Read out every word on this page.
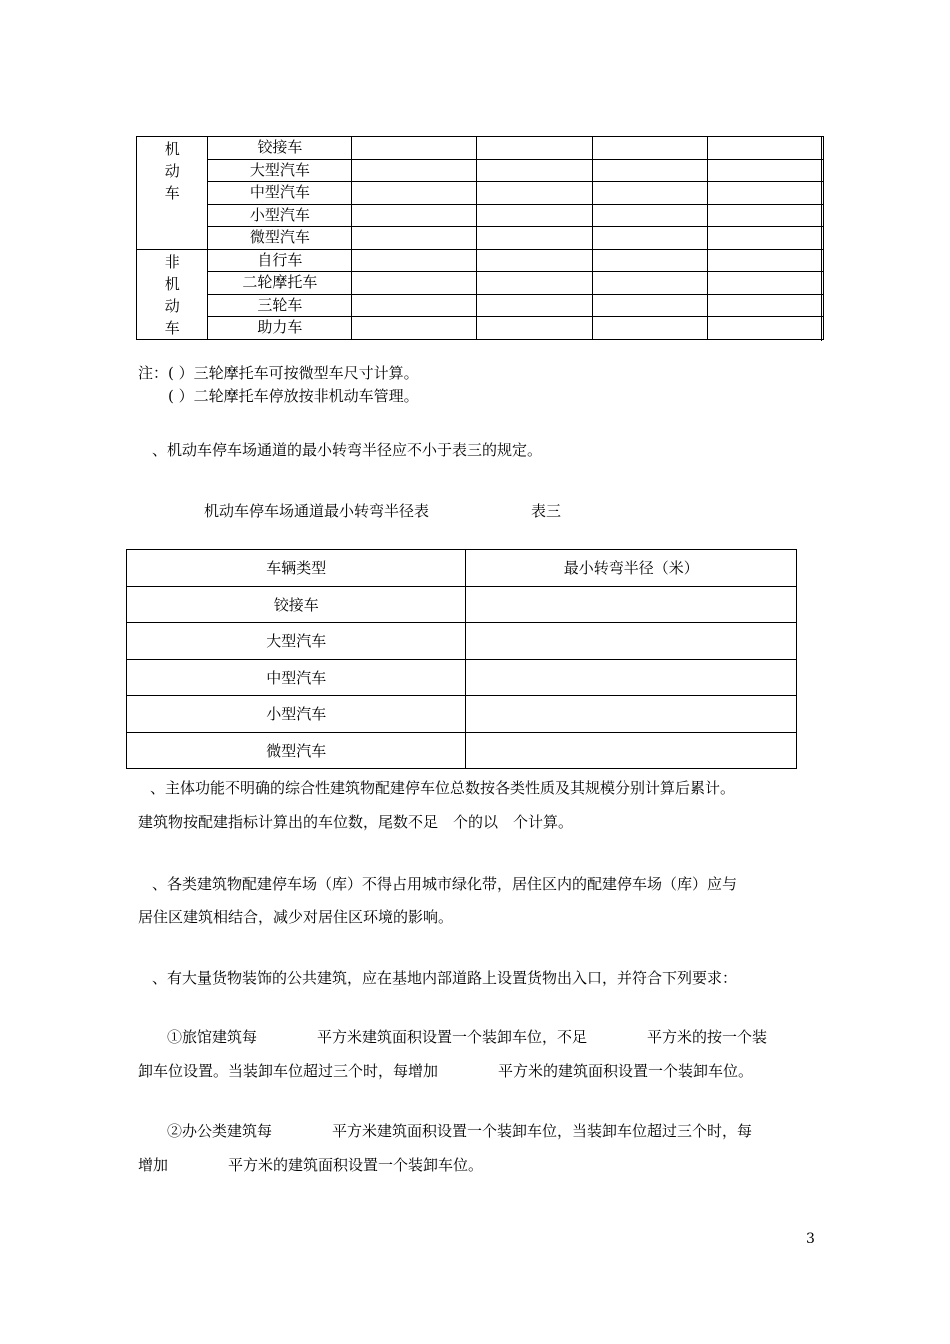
机
动
车	铰接车				
	大型汽车				
	中型汽车				
	小型汽车				
	微型汽车				

非
机
动
车	自行车				
	二轮摩托车				
	三轮车				
	助力车				
注：( ）三轮摩托车可按微型车尺寸计算。
( ）二轮摩托车停放按非机动车管理。
、机动车停车场通道的最小转弯半径应不小于表三的规定。
机动车停车场通道最小转弯半径表	表三
车辆类型	最小转弯半径（米）
铰接车	
大型汽车	
中型汽车	
小型汽车	
微型汽车	
、主体功能不明确的综合性建筑物配建停车位总数按各类性质及其规模分别计算后累计。
建筑物按配建指标计算出的车位数，尾数不足　个的以　个计算。
、各类建筑物配建停车场（库）不得占用城市绿化带，居住区内的配建停车场（库）应与
居住区建筑相结合，减少对居住区环境的影响。
、有大量货物装饰的公共建筑，应在基地内部道路上设置货物出入口，并符合下列要求：
①旅馆建筑每　　　　平方米建筑面积设置一个装卸车位，不足　　　　平方米的按一个装
卸车位设置。当装卸车位超过三个时，每增加　　　　平方米的建筑面积设置一个装卸车位。
②办公类建筑每　　　　平方米建筑面积设置一个装卸车位，当装卸车位超过三个时，每
增加　　　　平方米的建筑面积设置一个装卸车位。
3
